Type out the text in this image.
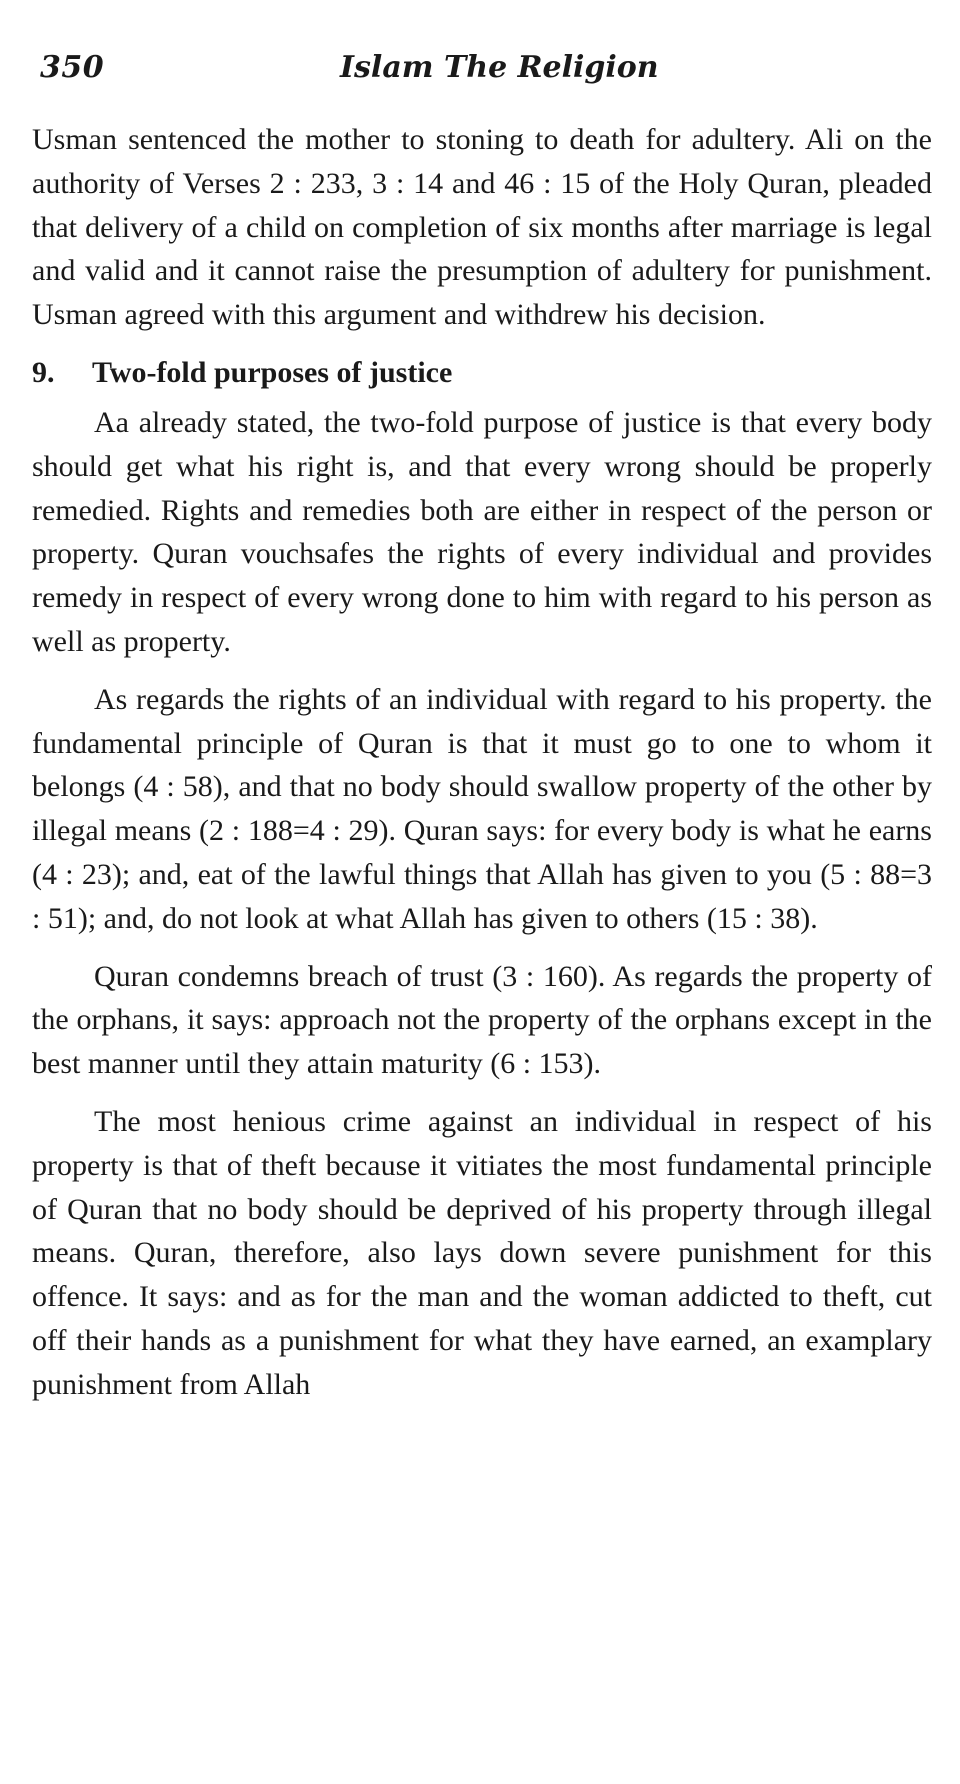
350	Islam The Religion

Usman sentenced the mother to stoning to death for adultery. Ali on the authority of Verses 2 : 233, 3 : 14 and 46 : 15 of the Holy Quran, pleaded that delivery of a child on completion of six months after marriage is legal and valid and it cannot raise the presumption of adultery for punishment. Usman agreed with this argument and withdrew his decision.

9. Two-fold purposes of justice

Aa already stated, the two-fold purpose of justice is that every body should get what his right is, and that every wrong should be properly remedied. Rights and remedies both are either in respect of the person or property. Quran vouchsafes the rights of every individual and provides remedy in respect of every wrong done to him with regard to his person as well as property.

As regards the rights of an individual with regard to his property. the fundamental principle of Quran is that it must go to one to whom it belongs (4 : 58), and that no body should swallow property of the other by illegal means (2 : 188=4 : 29). Quran says: for every body is what he earns (4 : 23); and, eat of the lawful things that Allah has given to you (5 : 88=3 : 51); and, do not look at what Allah has given to others (15 : 38).

Quran condemns breach of trust (3 : 160). As regards the property of the orphans, it says: approach not the property of the orphans except in the best manner until they attain maturity (6 : 153).

The most henious crime against an individual in respect of his property is that of theft because it vitiates the most fundamental principle of Quran that no body should be deprived of his property through illegal means. Quran, therefore, also lays down severe punishment for this offence. It says: and as for the man and the woman addicted to theft, cut off their hands as a punishment for what they have earned, an examplary punishment from Allah
